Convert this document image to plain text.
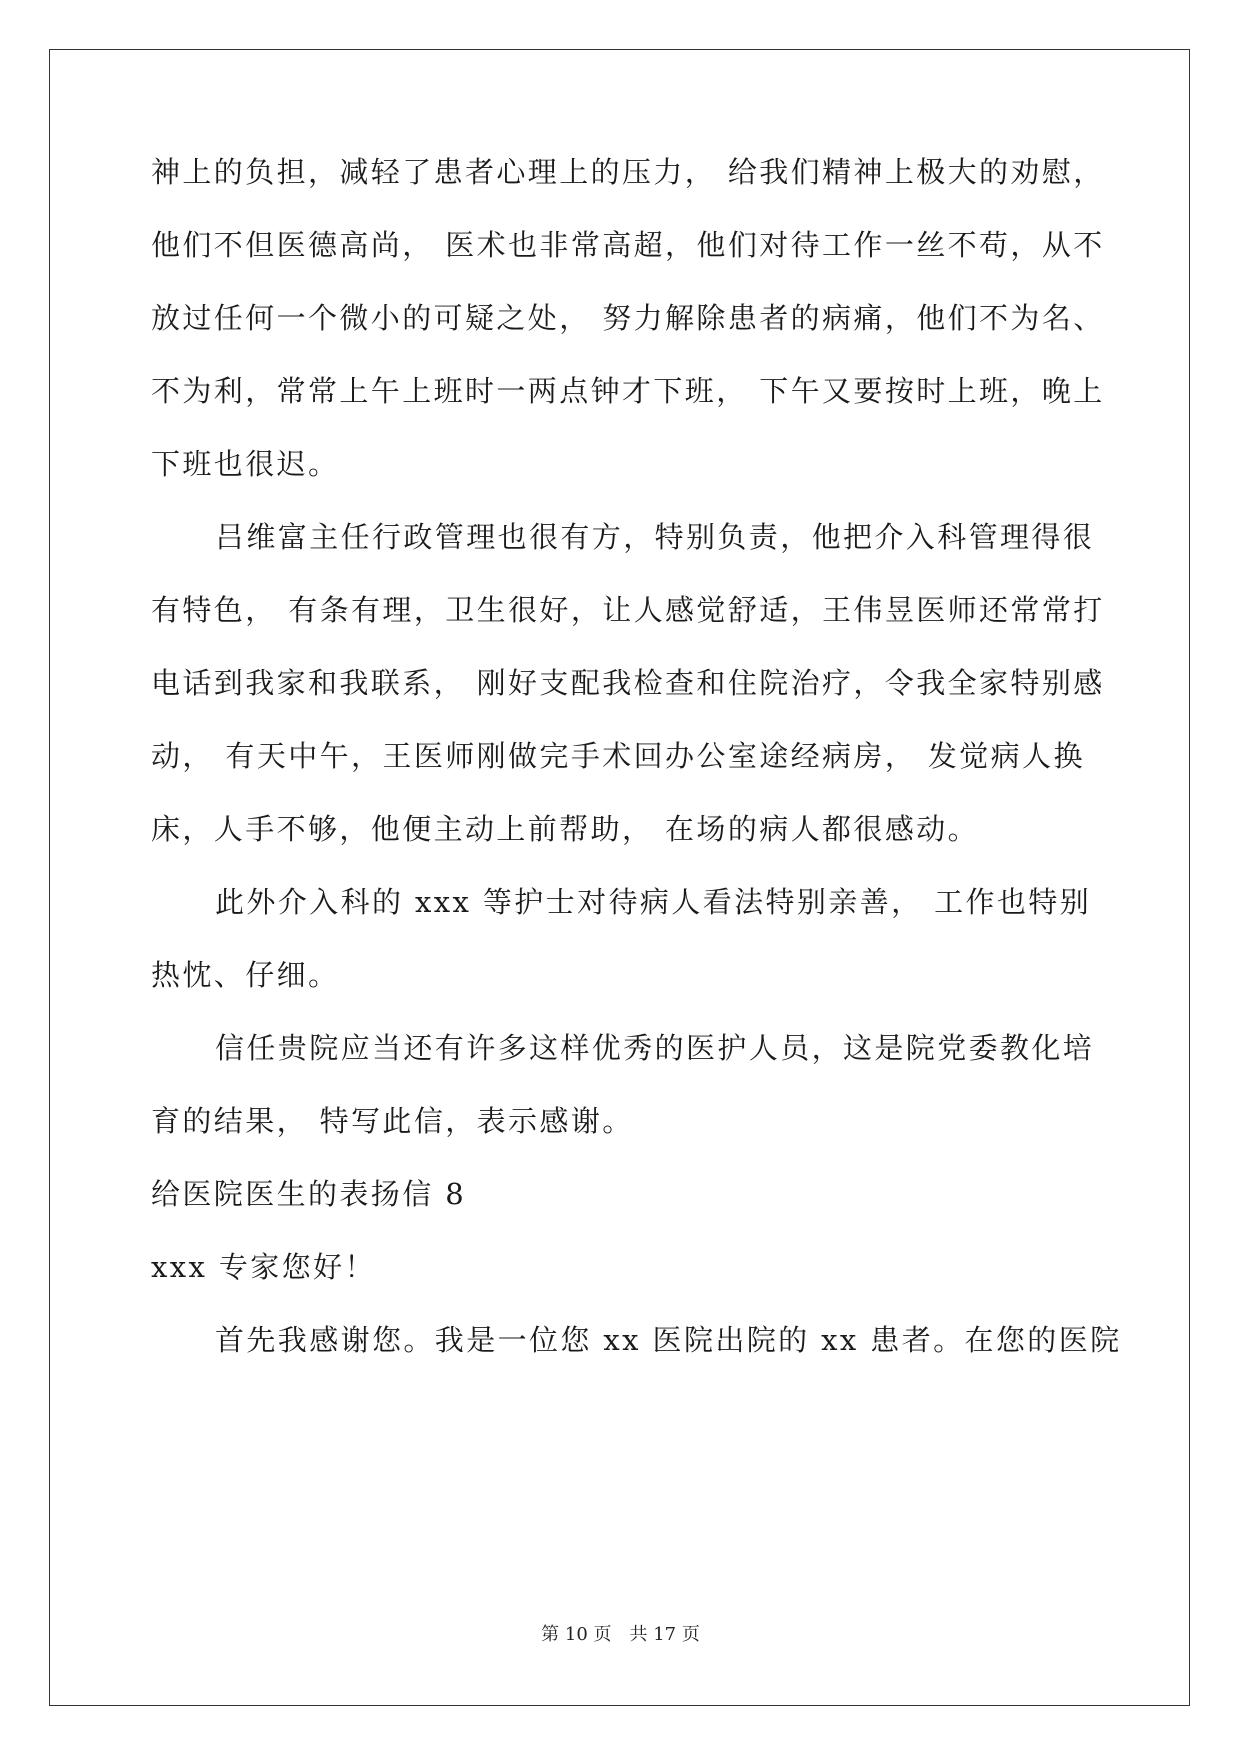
神上的负担，减轻了患者心理上的压力， 给我们精神上极大的劝慰，
他们不但医德高尚， 医术也非常高超，他们对待工作一丝不苟，从不
放过任何一个微小的可疑之处， 努力解除患者的病痛，他们不为名、
不为利，常常上午上班时一两点钟才下班， 下午又要按时上班，晚上
下班也很迟。
吕维富主任行政管理也很有方，特别负责，他把介入科管理得很
有特色， 有条有理，卫生很好，让人感觉舒适，王伟昱医师还常常打
电话到我家和我联系， 刚好支配我检查和住院治疗，令我全家特别感
动， 有天中午，王医师刚做完手术回办公室途经病房， 发觉病人换
床，人手不够，他便主动上前帮助， 在场的病人都很感动。
此外介入科的 xxx 等护士对待病人看法特别亲善， 工作也特别
热忱、仔细。
信任贵院应当还有许多这样优秀的医护人员，这是院党委教化培
育的结果， 特写此信，表示感谢。
给医院医生的表扬信 8
xxx 专家您好！
首先我感谢您。我是一位您 xx 医院出院的 xx 患者。在您的医院
第 10 页 共 17 页
